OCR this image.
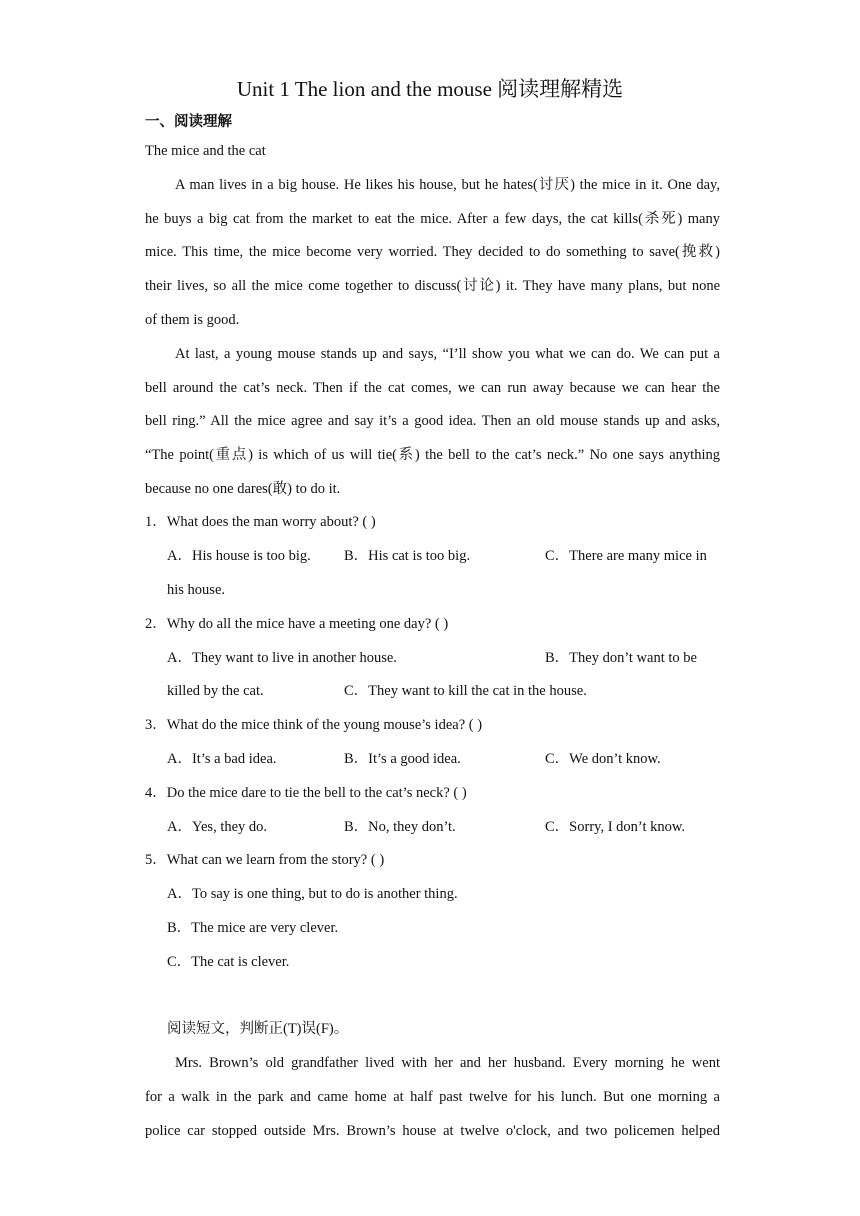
Unit 1 The lion and the mouse 阅读理解精选
一、阅读理解
The mice and the cat
A man lives in a big house. He likes his house, but he hates(讨厌) the mice in it. One day,
he buys a big cat from the market to eat the mice. After a few days, the cat kills(杀死) many
mice. This time, the mice become very worried. They decided to do something to save(挽救)
their lives, so all the mice come together to discuss(讨论) it. They have many plans, but none
of them is good.
At last, a young mouse stands up and says, “I’ll show you what we can do. We can put a
bell around the cat’s neck. Then if the cat comes, we can run away because we can hear the
bell ring.” All the mice agree and say it’s a good idea. Then an old mouse stands up and asks,
“The point(重点) is which of us will tie(系) the bell to the cat’s neck.” No one says anything
because no one dares(敢) to do it.
1．What does the man worry about? ( )
A．His house is too big. B．His cat is too big.	C．There are many mice in
his house.
2．Why do all the mice have a meeting one day? ( )
A．They want to live in another house.	B．They don’t want to be
killed by the cat.	C．They want to kill the cat in the house.
3．What do the mice think of the young mouse’s idea? ( )
A．It’s a bad idea.	B．It’s a good idea.	C．We don’t know.
4．Do the mice dare to tie the bell to the cat’s neck? ( )
A．Yes, they do.	B．No, they don’t.	C．Sorry, I don’t know.
5．What can we learn from the story? ( )
A．To say is one thing, but to do is another thing.
B．The mice are very clever.
C．The cat is clever.
阅读短文，判断正(T)误(F)。
Mrs. Brown’s old grandfather lived with her and her husband. Every morning he went
for a walk in the park and came home at half past twelve for his lunch. But one morning a
police car stopped outside Mrs. Brown’s house at twelve o'clock, and two policemen helped
